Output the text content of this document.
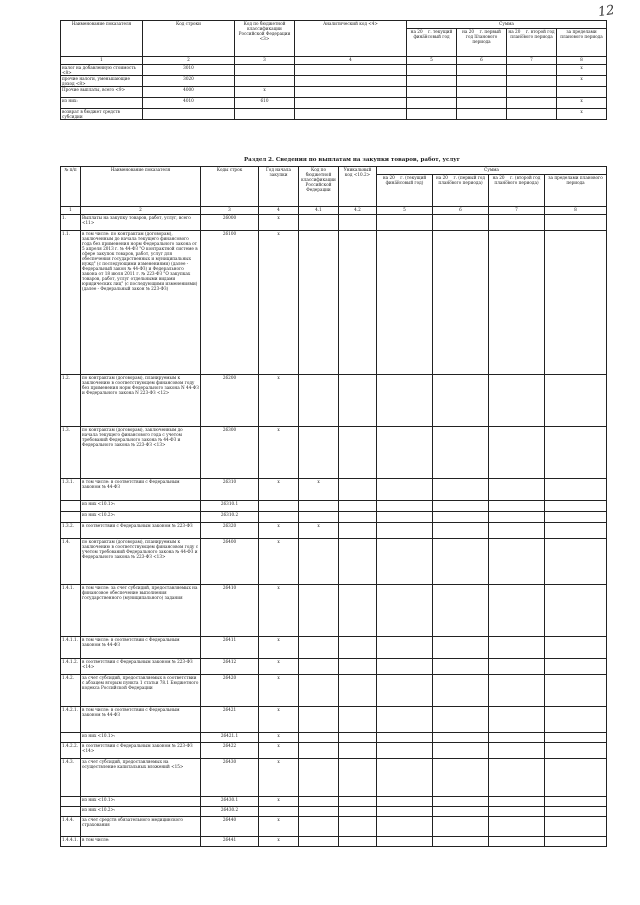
12
Наименование показателя	Код строки	Код по бюджетной классификации Российской Федерации <3>	Аналитический код <4>	Сумма			
				на 20__ г. текущий финансовый год	на 20__ г. первый год планового периода	на 20__ г. второй год планового периода	за пределами планового периода
1	2	3	4	5	6	7	8
налог на добавленную стоимость <8>	3010						x
прочие налоги, уменьшающие доход <8>	3020						x
Прочие выплаты, всего <9>	4000	x					
из них:	4010	610					x
возврат в бюджет средств субсидии							x
Раздел 2. Сведения по выплатам на закупки товаров, работ, услуг
№ п/п	Наименование показателя	Коды строк	Год начала закупки	Код по бюджетной классификации Российской Федерации	Уникальный код <10.2>	Сумма			
						на 20__ г. (текущий финансовый год)	на 20__ г. (первый год планового периода)	на 20__ г. (второй год планового периода)	за пределами планового периода
1	2	3	4	4.1	4.2	5	6	7	8
1.	Выплаты на закупку товаров, работ, услуг, всего <11>	26000	x						
1.1.	в том числе: по контрактам (договорам), заключенным до начала текущего финансового года без применения норм Федерального закона от 5 апреля 2013 г. № 44-ФЗ "О контрактной системе в сфере закупок товаров, работ, услуг для обеспечения государственных и муниципальных нужд" (с последующими изменениями) (далее - Федеральный закон № 44-ФЗ) и Федерального закона от 18 июля 2011 г. № 223-ФЗ "О закупках товаров, работ, услуг отдельными видами юридических лиц" (с последующими изменениями) (далее - Федеральный закон № 223-ФЗ)	26100	x						
1.2.	по контрактам (договорам), планируемым к заключению в соответствующем финансовом году без применения норм Федерального закона N 44-ФЗ и Федерального закона N 223-ФЗ <12>	26200	x						
1.3.	по контрактам (договорам), заключенным до начала текущего финансового года с учетом требований Федерального закона № 44-ФЗ и Федерального закона № 223-ФЗ <13>	26300	x						
1.3.1.	в том числе: в соответствии с Федеральным законом № 44-ФЗ	26310	x	x					
	из них <10.1>:	26310.1							
	из них <10.2>:	26310.2							
1.3.2.	в соответствии с Федеральным законом № 223-ФЗ	26320	x	x					
1.4.	по контрактам (договорам), планируемым к заключению в соответствующем финансовом году с учетом требований Федерального закона № 44-ФЗ и Федерального закона № 223-ФЗ <13>	26400	x						
1.4.1.	в том числе: за счет субсидий, предоставляемых на финансовое обеспечение выполнения государственного (муниципального) задания	26410	x						
1.4.1.1.	в том числе: в соответствии с Федеральным законом № 44-ФЗ	26411	x						
1.4.1.2.	в соответствии с Федеральным законом № 223-ФЗ <14>	26412	x						
1.4.2.	за счет субсидий, предоставляемых в соответствии с абзацем вторым пункта 1 статьи 78.1 Бюджетного кодекса Российской Федерации	26420	x						
1.4.2.1.	в том числе: в соответствии с Федеральным законом № 44-ФЗ	26421	x						
	из них <10.1>:	26421.1	x						
1.4.2.2.	в соответствии с Федеральным законом № 223-ФЗ <14>	26422	x						
1.4.3.	за счет субсидий, предоставляемых на осуществление капитальных вложений <15>	26430	x						
	из них <10.1>:	26430.1	x						
	из них <10.2>:	26430.2							
1.4.4.	за счет средств обязательного медицинского страхования	26440	x						
1.4.4.1.	в том числе:	26441	x						
